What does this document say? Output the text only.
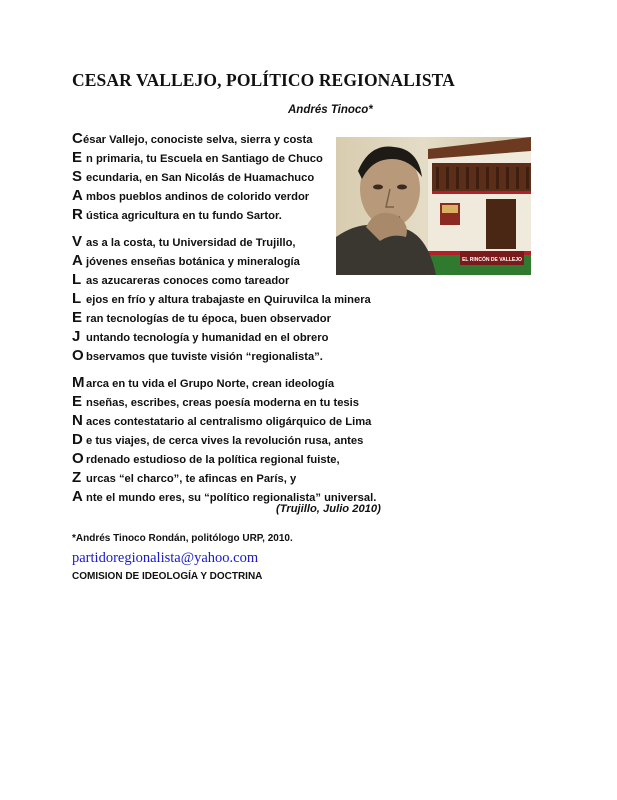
CESAR VALLEJO, POLÍTICO REGIONALISTA
Andrés Tinoco*
César Vallejo, conociste selva, sierra y costa
E n primaria, tu Escuela en Santiago de Chuco
S ecundaria, en San Nicolás de Huamachuco
A mbos pueblos andinos de colorido verdor
R ústica agricultura en tu fundo Sartor.
V as a la costa, tu Universidad de Trujillo,
A jóvenes enseñas botánica y mineralogía
L as azucareras conoces como tareador
L ejos en frío y altura trabajaste en Quiruvilca la minera
E ran tecnologías de tu época, buen observador
J untando tecnología y humanidad en el obrero
O bservamos que tuviste visión “regionalista”.
M arca en tu vida el Grupo Norte, crean ideología
E nseñas, escribes, creas poesía moderna en tu tesis
N aces contestatario al centralismo oligárquico de Lima
D e tus viajes, de cerca vives la revolución rusa, antes
O rdenado estudioso de la política regional fuiste,
Z urcas “el charco”, te afincas en París, y
A nte el mundo eres, su “político regionalista” universal.
(Trujillo, Julio 2010)
*Andrés Tinoco Rondán, politólogo URP, 2010.
partidoregionalista@yahoo.com
COMISION DE IDEOLOGÍA Y DOCTRINA
EL RINCÓN DE VALLEJO
